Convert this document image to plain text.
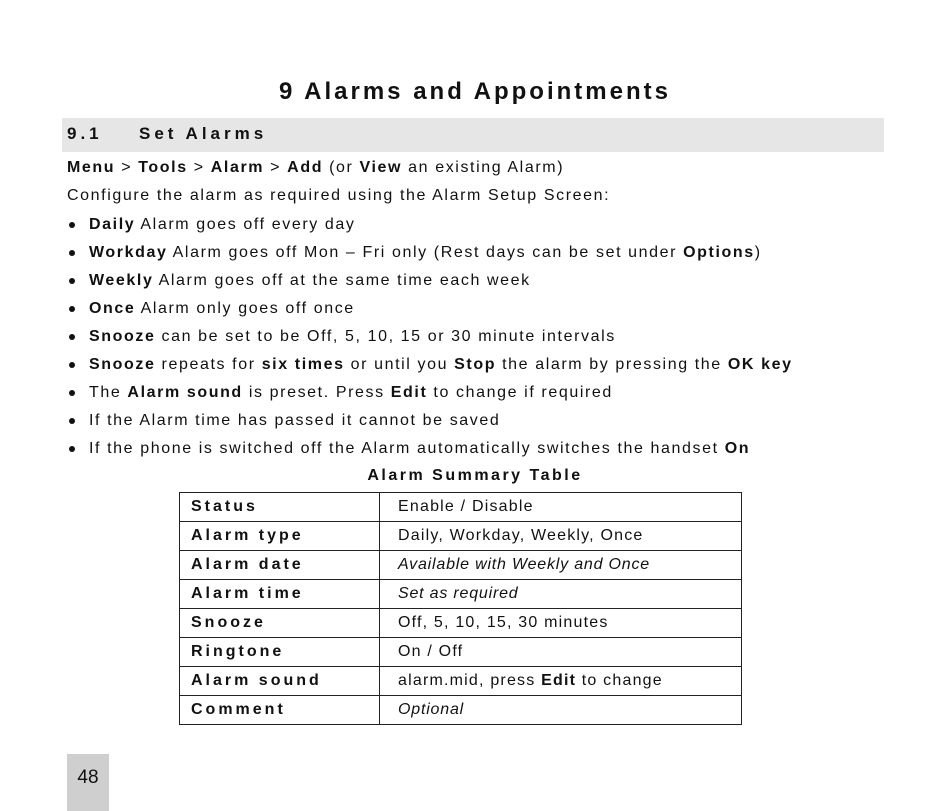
9 Alarms and Appointments
9.1 Set Alarms
Menu > Tools > Alarm > Add (or View an existing Alarm)
Configure the alarm as required using the Alarm Setup Screen:
Daily Alarm goes off every day
Workday Alarm goes off Mon – Fri only (Rest days can be set under Options)
Weekly Alarm goes off at the same time each week
Once Alarm only goes off once
Snooze can be set to be Off, 5, 10, 15 or 30 minute intervals
Snooze repeats for six times or until you Stop the alarm by pressing the OK key
The Alarm sound is preset. Press Edit to change if required
If the Alarm time has passed it cannot be saved
If the phone is switched off the Alarm automatically switches the handset On
Alarm Summary Table
Status	Enable / Disable
Alarm type	Daily, Workday, Weekly, Once
Alarm date	Available with Weekly and Once
Alarm time	Set as required
Snooze	Off, 5, 10, 15, 30 minutes
Ringtone	On / Off
Alarm sound	alarm.mid, press Edit to change
Comment	Optional
48
